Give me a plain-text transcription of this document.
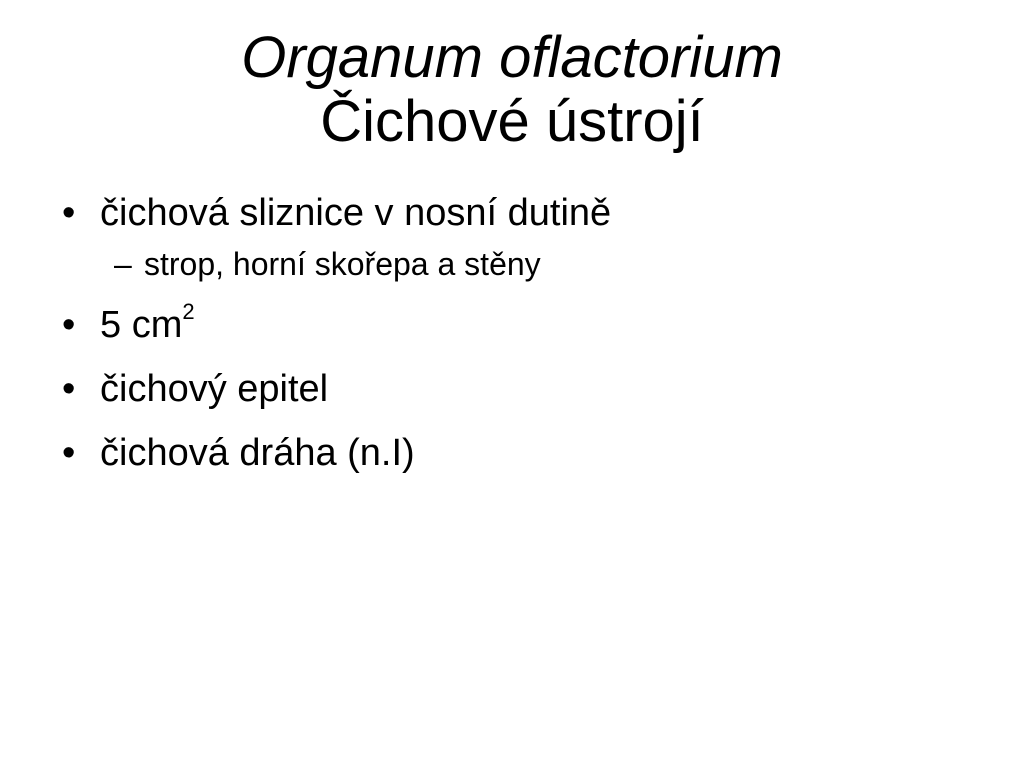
Organum oflactorium
Čichové ústrojí
• čichová sliznice v nosní dutině
– strop, horní skořepa a stěny
• 5 $cm^2$
• čichový epitel
• čichová dráha (n.I)
